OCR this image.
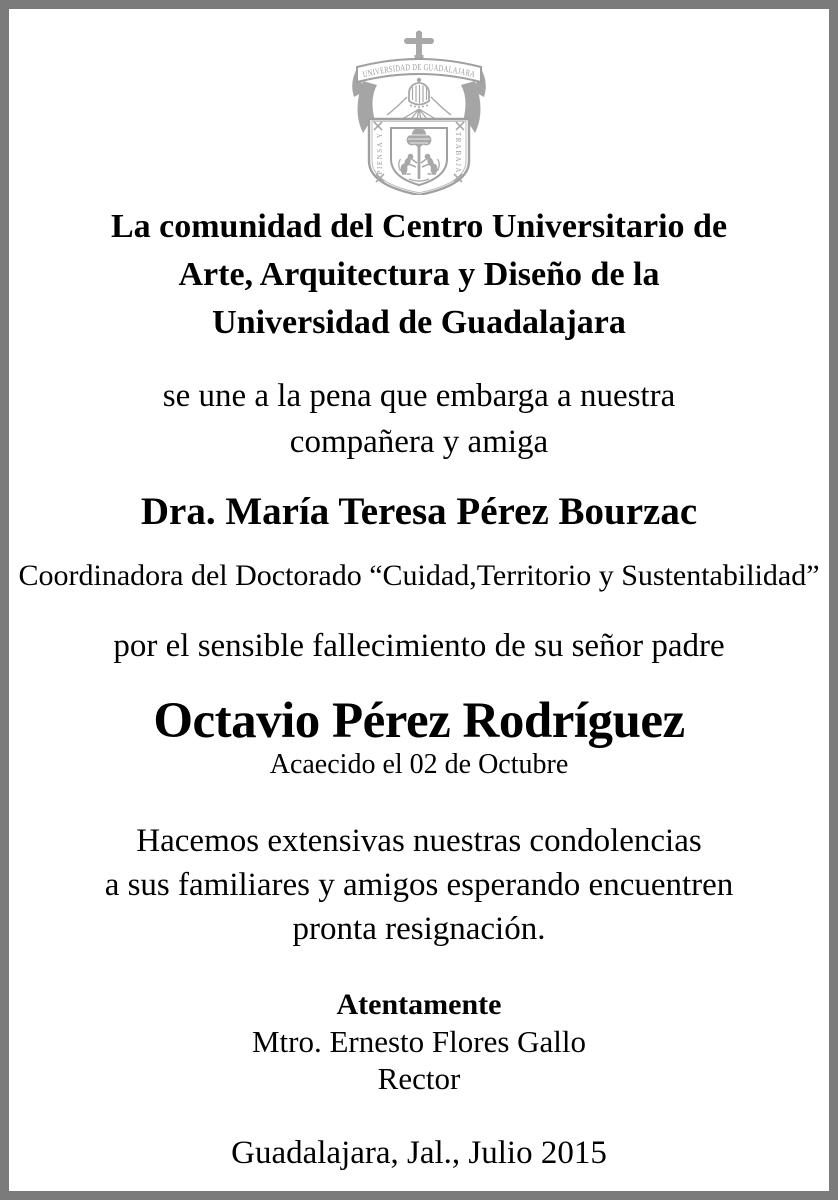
UNIVERSIDAD DE GUADALAJARA
PIENSA Y	TRABAJA
La comunidad del Centro Universitario de
Arte, Arquitectura y Diseño de la
Universidad de Guadalajara
se une a la pena que embarga a nuestra
compañera y amiga
Dra. María Teresa Pérez Bourzac
Coordinadora del Doctorado “Cuidad,Territorio y Sustentabilidad”
por el sensible fallecimiento de su señor padre
Octavio Pérez Rodríguez
Acaecido el 02 de Octubre
Hacemos extensivas nuestras condolencias
a sus familiares y amigos esperando encuentren
pronta resignación.
Atentamente
Mtro. Ernesto Flores Gallo
Rector
Guadalajara, Jal., Julio 2015
